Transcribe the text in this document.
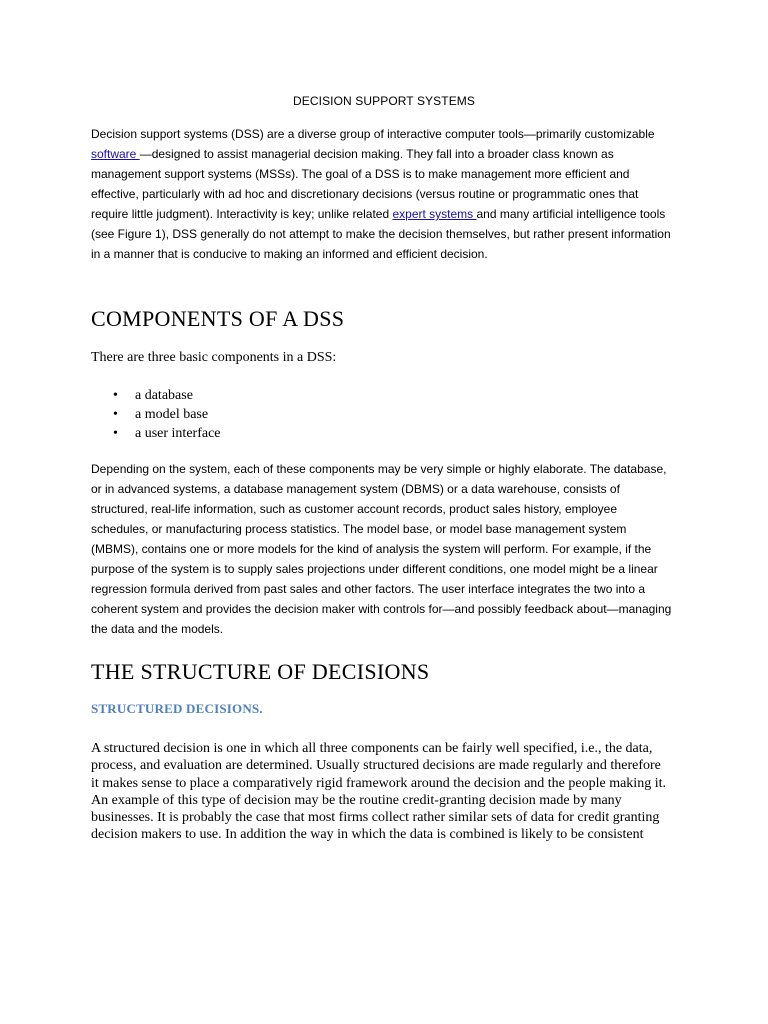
DECISION SUPPORT SYSTEMS

Decision support systems (DSS) are a diverse group of interactive computer tools—primarily customizable software —designed to assist managerial decision making. They fall into a broader class known as management support systems (MSSs). The goal of a DSS is to make management more efficient and effective, particularly with ad hoc and discretionary decisions (versus routine or programmatic ones that require little judgment). Interactivity is key; unlike related expert systems and many artificial intelligence tools (see Figure 1), DSS generally do not attempt to make the decision themselves, but rather present information in a manner that is conducive to making an informed and efficient decision.

COMPONENTS OF A DSS
There are three basic components in a DSS:
• a database
• a model base
• a user interface

Depending on the system, each of these components may be very simple or highly elaborate. The database, or in advanced systems, a database management system (DBMS) or a data warehouse, consists of structured, real-life information, such as customer account records, product sales history, employee schedules, or manufacturing process statistics. The model base, or model base management system (MBMS), contains one or more models for the kind of analysis the system will perform. For example, if the purpose of the system is to supply sales projections under different conditions, one model might be a linear regression formula derived from past sales and other factors. The user interface integrates the two into a coherent system and provides the decision maker with controls for—and possibly feedback about—managing the data and the models.

THE STRUCTURE OF DECISIONS
STRUCTURED DECISIONS.

A structured decision is one in which all three components can be fairly well specified, i.e., the data, process, and evaluation are determined. Usually structured decisions are made regularly and therefore it makes sense to place a comparatively rigid framework around the decision and the people making it. An example of this type of decision may be the routine credit-granting decision made by many businesses. It is probably the case that most firms collect rather similar sets of data for credit granting decision makers to use. In addition the way in which the data is combined is likely to be consistent
